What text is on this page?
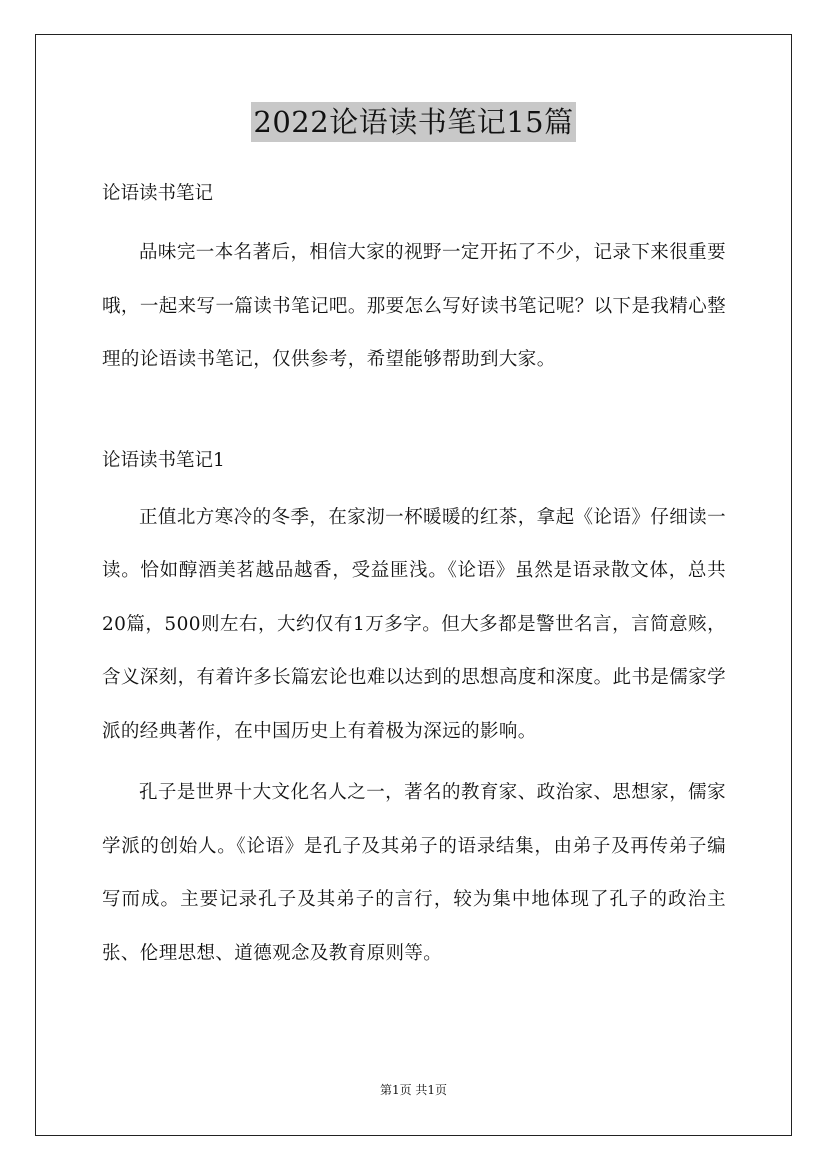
2022论语读书笔记15篇
论语读书笔记

品味完一本名著后，相信大家的视野一定开拓了不少，记录下来很重要哦，一起来写一篇读书笔记吧。那要怎么写好读书笔记呢？以下是我精心整理的论语读书笔记，仅供参考，希望能够帮助到大家。

论语读书笔记1

正值北方寒冷的冬季，在家沏一杯暖暖的红茶，拿起《论语》仔细读一读。恰如醇酒美茗越品越香，受益匪浅。《论语》虽然是语录散文体，总共20篇，500则左右，大约仅有1万多字。但大多都是警世名言，言简意赅，含义深刻，有着许多长篇宏论也难以达到的思想高度和深度。此书是儒家学派的经典著作，在中国历史上有着极为深远的影响。

孔子是世界十大文化名人之一，著名的教育家、政治家、思想家，儒家学派的创始人。《论语》是孔子及其弟子的语录结集，由弟子及再传弟子编写而成。主要记录孔子及其弟子的言行，较为集中地体现了孔子的政治主张、伦理思想、道德观念及教育原则等。

第1页 共1页
